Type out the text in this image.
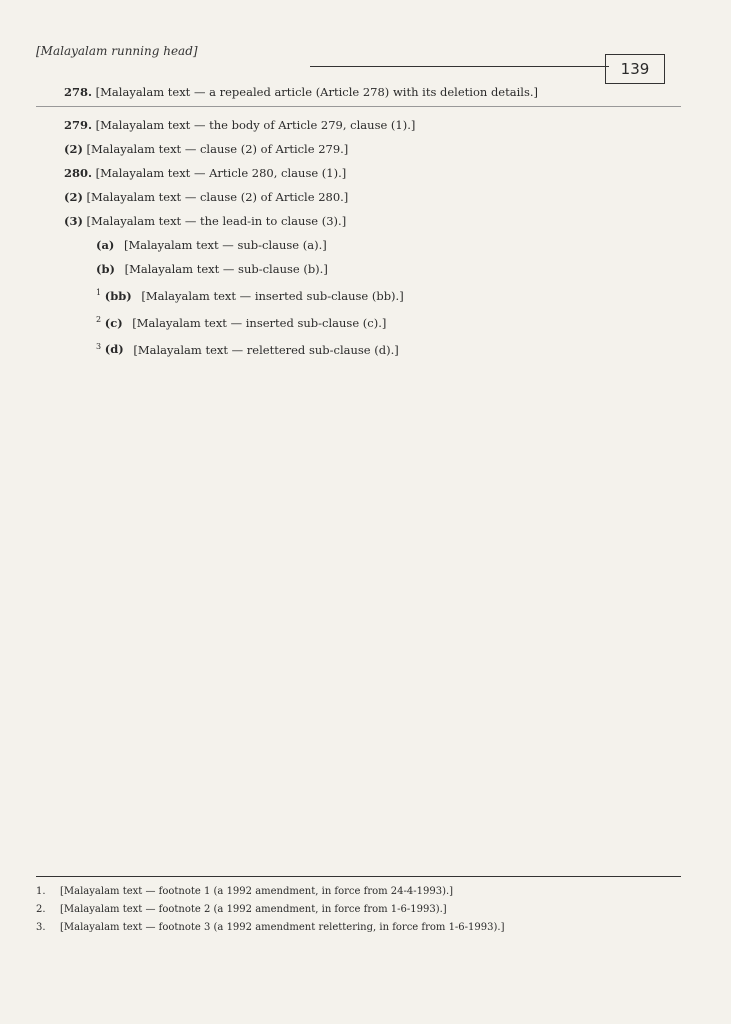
[Malayalam running head]
139

278. [Malayalam text — a repealed article (Article 278) with its deletion details.]

279. [Malayalam text — the body of Article 279, clause (1).]

(2) [Malayalam text — clause (2) of Article 279.]

280. [Malayalam text — Article 280, clause (1).]

(2) [Malayalam text — clause (2) of Article 280.]

(3) [Malayalam text — the lead-in to clause (3).]

(a) [Malayalam text — sub-clause (a).]

(b) [Malayalam text — sub-clause (b).]

$^1$ (bb) [Malayalam text — inserted sub-clause (bb).]

$^2$ (c) [Malayalam text — inserted sub-clause (c).]

$^3$ (d) [Malayalam text — relettered sub-clause (d).]

1.	[Malayalam text — footnote 1 (a 1992 amendment, in force from 24-4-1993).]
2.	[Malayalam text — footnote 2 (a 1992 amendment, in force from 1-6-1993).]
3.	[Malayalam text — footnote 3 (a 1992 amendment relettering, in force from 1-6-1993).]
